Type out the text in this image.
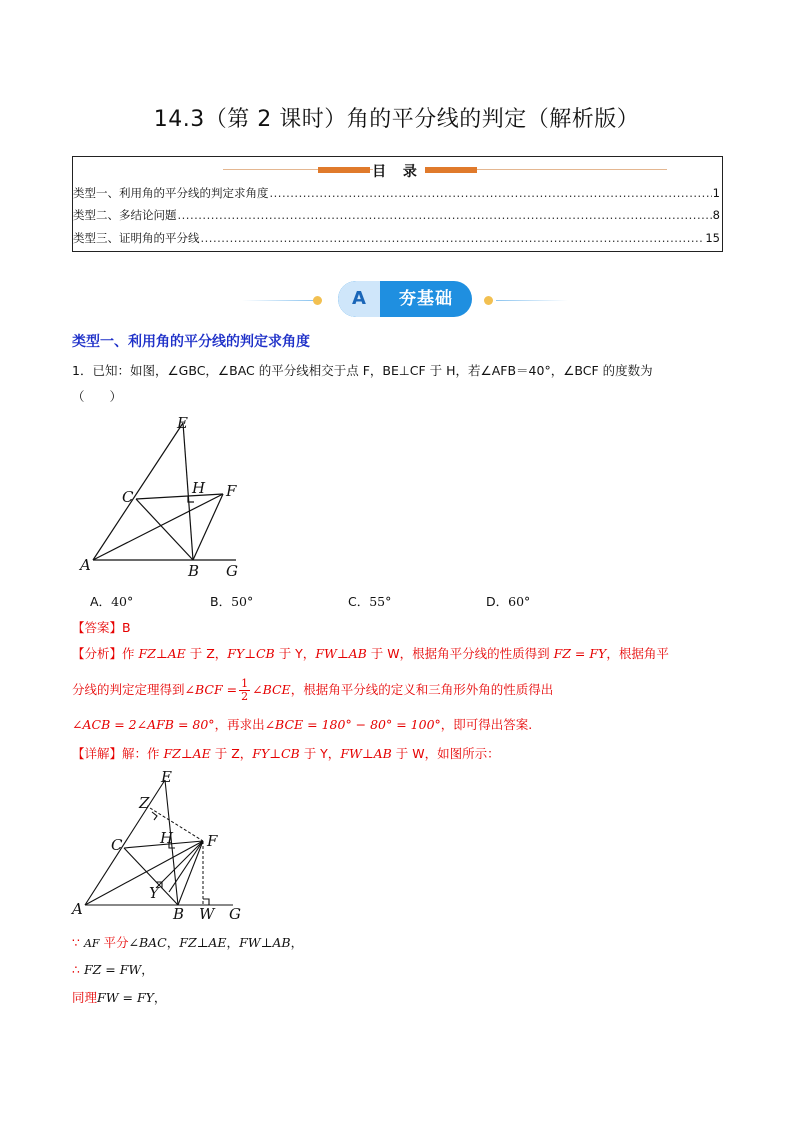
14.3（第 2 课时）角的平分线的判定（解析版）
目 录
类型一、利用角的平分线的判定求角度 .....	1
类型二、多结论问题 .....	8
类型三、证明角的平分线 .....	15
A	夯基础
类型一、利用角的平分线的判定求角度
1．已知：如图，∠GBC，∠BAC 的平分线相交于点 F，BE⊥CF 于 H，若∠AFB＝40°，∠BCF 的度数为
（　　）
E
C	H F
A	B G
A．40°	B．50°	C．55°	D．60°
【答案】B
【分析】作 FZ⊥AE 于 Z，FY⊥CB 于 Y，FW⊥AB 于 W，根据角平分线的性质得到 FZ = FY，根据角平
分线的判定定理得到∠BCF = $\frac{1}{2}$ ∠BCE，根据角平分线的定义和三角形外角的性质得出
∠ACB = 2∠AFB = 80°，再求出∠BCE = 180° − 80° = 100°，即可得出答案.
【详解】解：作 FZ⊥AE 于 Z，FY⊥CB 于 Y，FW⊥AB 于 W，如图所示：
E
Z
C	H F
Y
A	B W G
∵ AF 平分∠BAC，FZ⊥AE，FW⊥AB，
∴ FZ = FW，
同理FW = FY，
